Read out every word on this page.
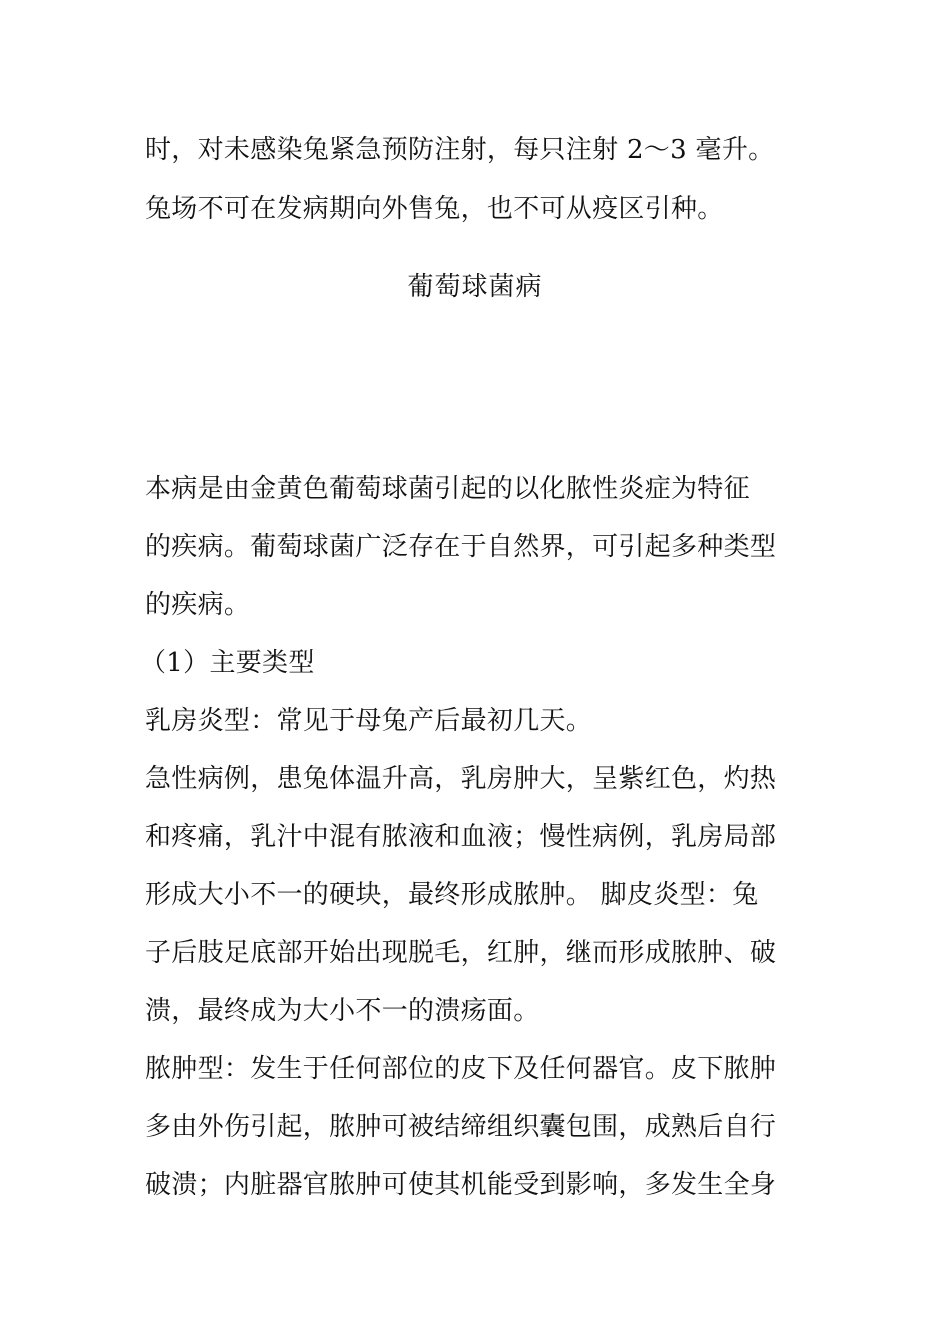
时，对未感染兔紧急预防注射，每只注射 2～3 毫升。
兔场不可在发病期向外售兔，也不可从疫区引种。
葡萄球菌病
本病是由金黄色葡萄球菌引起的以化脓性炎症为特征
的疾病。葡萄球菌广泛存在于自然界，可引起多种类型
的疾病。
（1）主要类型
乳房炎型：常见于母兔产后最初几天。
急性病例，患兔体温升高，乳房肿大，呈紫红色，灼热
和疼痛，乳汁中混有脓液和血液；慢性病例，乳房局部
形成大小不一的硬块，最终形成脓肿。 脚皮炎型：兔
子后肢足底部开始出现脱毛，红肿，继而形成脓肿、破
溃，最终成为大小不一的溃疡面。
脓肿型：发生于任何部位的皮下及任何器官。皮下脓肿
多由外伤引起，脓肿可被结缔组织囊包围，成熟后自行
破溃；内脏器官脓肿可使其机能受到影响，多发生全身
